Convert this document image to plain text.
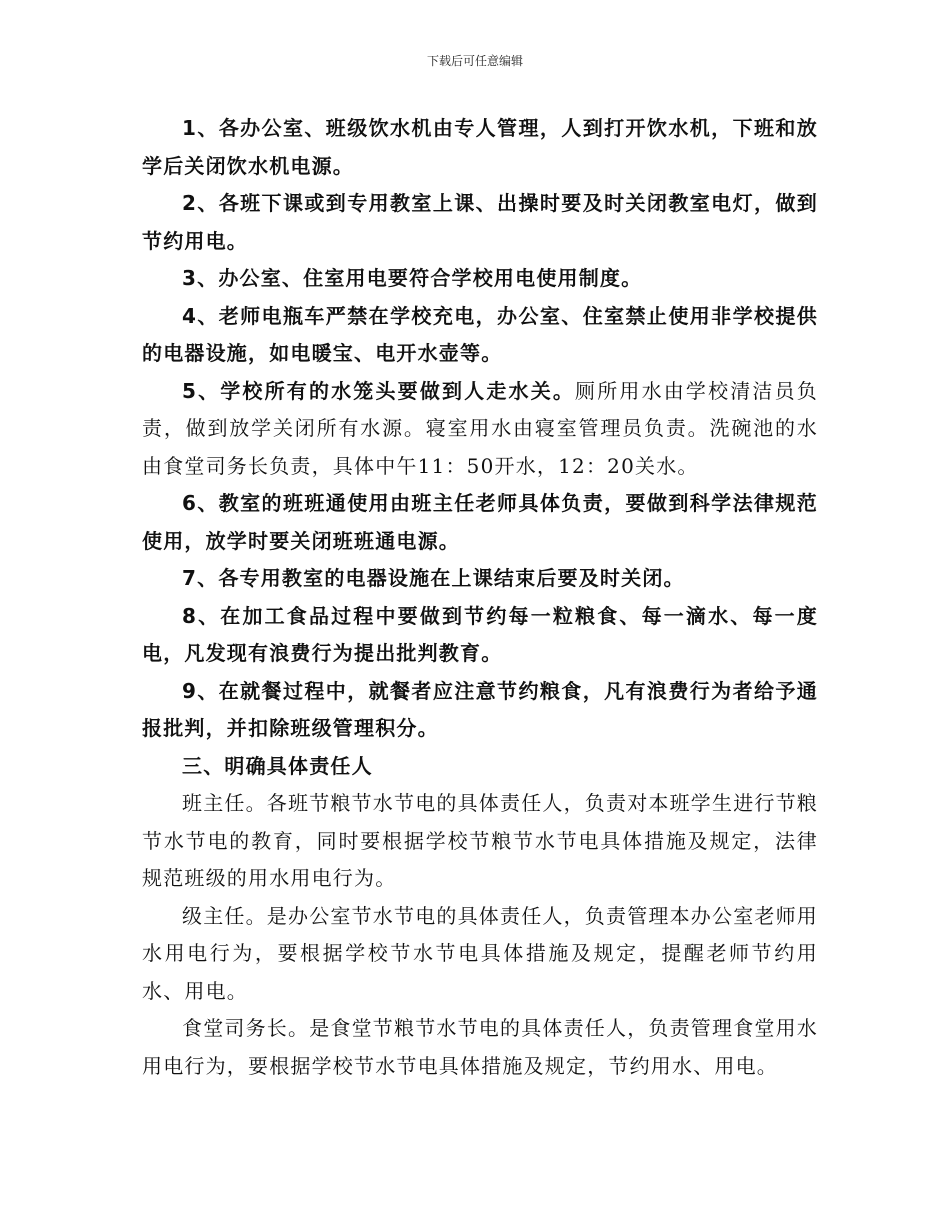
下载后可任意编辑

1、各办公室、班级饮水机由专人管理，人到打开饮水机，下班和放学后关闭饮水机电源。

2、各班下课或到专用教室上课、出操时要及时关闭教室电灯，做到节约用电。

3、办公室、住室用电要符合学校用电使用制度。

4、老师电瓶车严禁在学校充电，办公室、住室禁止使用非学校提供的电器设施，如电暖宝、电开水壶等。

5、学校所有的水笼头要做到人走水关。厕所用水由学校清洁员负责，做到放学关闭所有水源。寝室用水由寝室管理员负责。洗碗池的水由食堂司务长负责，具体中午11：50开水，12：20关水。

6、教室的班班通使用由班主任老师具体负责，要做到科学法律规范使用，放学时要关闭班班通电源。

7、各专用教室的电器设施在上课结束后要及时关闭。

8、在加工食品过程中要做到节约每一粒粮食、每一滴水、每一度电，凡发现有浪费行为提出批判教育。

9、在就餐过程中，就餐者应注意节约粮食，凡有浪费行为者给予通报批判，并扣除班级管理积分。

三、明确具体责任人

班主任。各班节粮节水节电的具体责任人，负责对本班学生进行节粮节水节电的教育，同时要根据学校节粮节水节电具体措施及规定，法律规范班级的用水用电行为。

级主任。是办公室节水节电的具体责任人，负责管理本办公室老师用水用电行为，要根据学校节水节电具体措施及规定，提醒老师节约用水、用电。

食堂司务长。是食堂节粮节水节电的具体责任人，负责管理食堂用水用电行为，要根据学校节水节电具体措施及规定，节约用水、用电。
